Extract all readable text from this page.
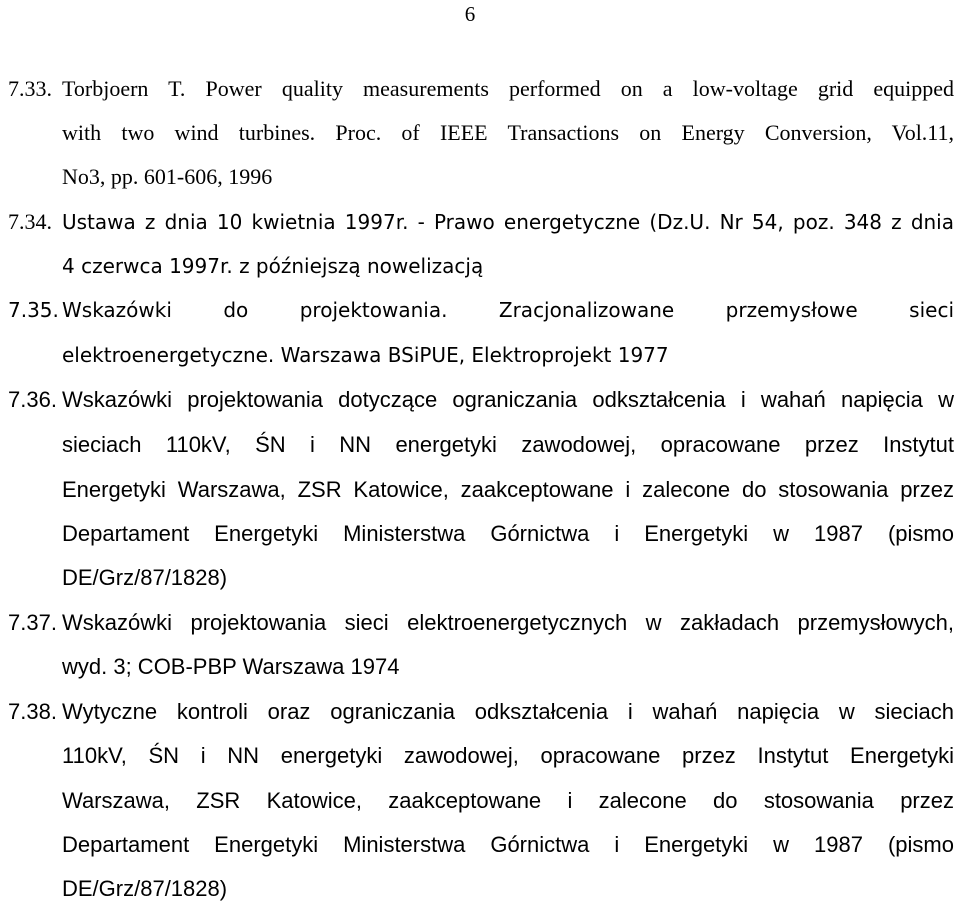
6
7.33. Torbjoern T. Power quality measurements performed on a low-voltage grid equipped
with two wind turbines. Proc. of IEEE Transactions on Energy Conversion, Vol.11,
No3, pp. 601-606, 1996
7.34. Ustawa z dnia 10 kwietnia 1997r. - Prawo energetyczne (Dz.U. Nr 54, poz. 348 z dnia
4 czerwca 1997r. z późniejszą nowelizacją
7.35. Wskazówki do projektowania. Zracjonalizowane przemysłowe sieci
elektroenergetyczne. Warszawa BSiPUE, Elektroprojekt 1977
7.36. Wskazówki projektowania dotyczące ograniczania odkształcenia i wahań napięcia w
sieciach 110kV, ŚN i NN energetyki zawodowej, opracowane przez Instytut
Energetyki Warszawa, ZSR Katowice, zaakceptowane i zalecone do stosowania przez
Departament Energetyki Ministerstwa Górnictwa i Energetyki w 1987 (pismo
DE/Grz/87/1828)
7.37. Wskazówki projektowania sieci elektroenergetycznych w zakładach przemysłowych,
wyd. 3; COB-PBP Warszawa 1974
7.38. Wytyczne kontroli oraz ograniczania odkształcenia i wahań napięcia w sieciach
110kV, ŚN i NN energetyki zawodowej, opracowane przez Instytut Energetyki
Warszawa, ZSR Katowice, zaakceptowane i zalecone do stosowania przez
Departament Energetyki Ministerstwa Górnictwa i Energetyki w 1987 (pismo
DE/Grz/87/1828)
